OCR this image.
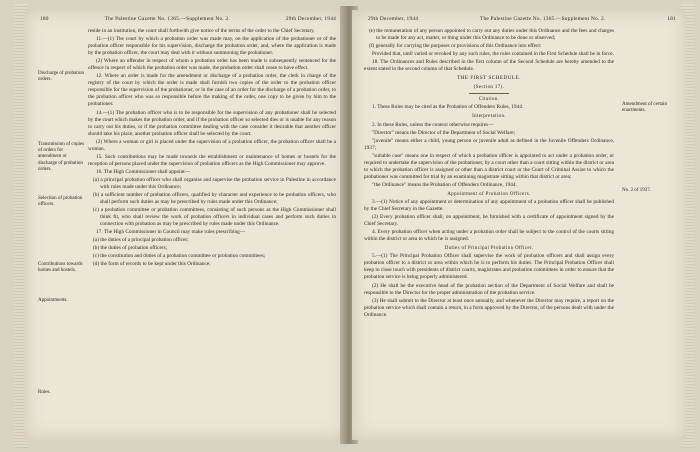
180	The Palestine Gazette No. 1365.—Supplement No. 2.	29th December, 1944
Discharge of probation orders.
Transmission of copies of orders for amendment or discharge of probation orders.
Selection of probation officers.
Contributions towards homes and hostels.
Appointments.
Rules.

reside in an institution, the court shall forthwith give notice of the terms of the order to the Chief Secretary.

11.—(1) The court by which a probation order was made may, on the application of the probationer or of the probation officer responsible for his supervision, discharge the probation order, and, where the application is made by the probation officer, the court may deal with it without summoning the probationer.

(2) Where an offender in respect of whom a probation order has been made is subsequently sentenced for the offence in respect of which the probation order was made, the probation order shall cease to have effect.

12. Where an order is made for the amendment or discharge of a probation order, the clerk in charge of the registry of the court by which the order is made shall furnish two copies of the order to the probation officer responsible for the supervision of the probationer, or in the case of an order for the discharge of a probation order, to the probation officer who was so responsible before the making of the order, one copy to be given by him to the probationer.

14.—(1) The probation officer who is to be responsible for the supervision of any probationer shall be selected by the court which makes the probation order, and if the probation officer so selected dies or is unable for any reason to carry out his duties, or if the probation committee dealing with the case consider it desirable that another officer should take his place, another probation officer shall be selected by the court.

(2) Where a woman or girl is placed under the supervision of a probation officer, the probation officer shall be a woman.

15. Such contributions may be made towards the establishment or maintenance of homes or hostels for the reception of persons placed under the supervision of probation officers as the High Commissioner may approve.

16. The High Commissioner shall appoint—

(a) a principal probation officer who shall organise and supervise the probation service in Palestine in accordance with rules made under this Ordinance;

(b) a sufficient number of probation officers, qualified by character and experience to be probation officers, who shall perform such duties as may be prescribed by rules made under this Ordinance;

(c) a probation committee or probation committees, consisting of such persons as the High Commissioner shall think fit, who shall review the work of probation officers in individual cases and perform such duties in connection with probation as may be prescribed by rules made under this Ordinance.

17. The High Commissioner in Council may make rules prescribing—

(a) the duties of a principal probation officer;

(b) the duties of probation officers;

(c) the constitution and duties of a probation committee or probation committees;

(d) the form of records to be kept under this Ordinance;

29th December, 1944	The Palestine Gazette No. 1365.—Supplement No. 2.	181
Amendment of certain enactments.
No. 2 of 1937.

(e) the remuneration of any person appointed to carry out any duties under this Ordinance and the fees and charges to be made for any act, matter, or thing under this Ordinance to be done or observed;

(f) generally for carrying the purposes or provisions of this Ordinance into effect:

Provided that, until varied or revoked by any such rules, the rules contained in the First Schedule shall be in force.

18. The Ordinances and Rules described in the first column of the Second Schedule are hereby amended to the extent stated in the second column of that Schedule.

THE FIRST SCHEDULE.
(Section 17).
Citation.

1. These Rules may be cited as the Probation of Offenders Rules, 1944.

Interpretation.

2. In these Rules, unless the context otherwise requires—

"Director" means the Director of the Department of Social Welfare;

"juvenile" means either a child, young person or juvenile adult as defined in the Juvenile Offenders Ordinance, 1937;

"suitable case" means one in respect of which a probation officer is appointed to act under a probation order, or required to undertake the supervision of the probationer, by a court other than a court sitting within the district or area to which the probation officer is assigned or other than a district court or the Court of Criminal Assize to which the probationer was committed for trial by an examining magistrate sitting within that district or area;

"the Ordinance" means the Probation of Offenders Ordinance, 1944.

Appointment of Probation Officers.

3.—(1) Notice of any appointment or determination of any appointment of a probation officer shall be published by the Chief Secretary in the Gazette.

(2) Every probation officer shall, on appointment, be furnished with a certificate of appointment signed by the Chief Secretary.

4. Every probation officer when acting under a probation order shall be subject to the control of the courts sitting within the district or area to which he is assigned.

Duties of Principal Probation Officer.

5.—(1) The Principal Probation Officer shall supervise the work of probation officers and shall assign every probation officer to a district or area within which he is to perform his duties. The Principal Probation Officer shall keep in close touch with presidents of district courts, magistrates and probation committees in order to ensure that the probation service is being properly administered.

(2) He shall be the executive head of the probation section of the Department of Social Welfare and shall be responsible to the Director for the proper administration of the probation service.

(3) He shall submit to the Director at least once annually, and whenever the Director may require, a report on the probation service which shall contain a return, in a form approved by the Director, of the persons dealt with under the Ordinance.
